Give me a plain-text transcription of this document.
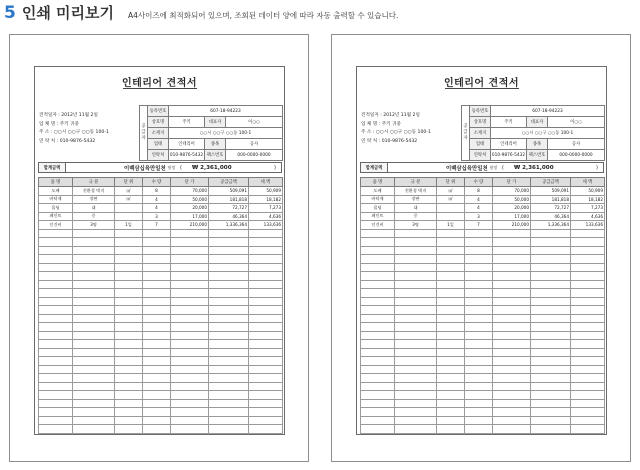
5 인쇄 미리보기 A4사이즈에 최적화되어 있으며, 조회된 데이터 양에 따라 자동 출력할 수 있습니다.
인테리어 견적서
견적일자 : 2012년 11월 2일
업 체 명 : 주키 귀중
주 소 : ○○시 ○○구 ○○동 100-1
연 락 처 : 010-9876-5432
공급자	등록번호	607-18-94223		
	상호명	주키	대표자	이○○
	소재지	○○시 ○○구 ○○동 100-1		
	업태	인테리어	종목	공사
	연락처	010-9876-5432	팩스번호	000-0000-0000
합계금액	이백삼십육만일천 원정 ( ₩ 2,361,000	)
품 명	규 분	단 위	수 량	단 가	공급금액	세 액
도배	친환경 벽지	㎡	8	70,000	509,091	50,909
바닥재	장판	㎡	4	50,000	181,818	18,182
몰딩	대		4	20,000	72,727	7,273
페인트	중		3	17,000	46,364	4,636
인건비	3명	1일	7	210,000	1,336,364	133,636

인테리어 견적서
견적일자 : 2012년 11월 2일
업 체 명 : 주키 귀중
주 소 : ○○시 ○○구 ○○동 100-1
연 락 처 : 010-9876-5432
공급자	등록번호	607-18-94223		
	상호명	주키	대표자	이○○
	소재지	○○시 ○○구 ○○동 100-1		
	업태	인테리어	종목	공사
	연락처	010-9876-5432	팩스번호	000-0000-0000
합계금액	이백삼십육만일천 원정 ( ₩ 2,361,000	)
품 명	규 분	단 위	수 량	단 가	공급금액	세 액
도배	친환경 벽지	㎡	8	70,000	509,091	50,909
바닥재	장판	㎡	4	50,000	181,818	18,182
몰딩	대		4	20,000	72,727	7,273
페인트	중		3	17,000	46,364	4,636
인건비	3명	1일	7	210,000	1,336,364	133,636
